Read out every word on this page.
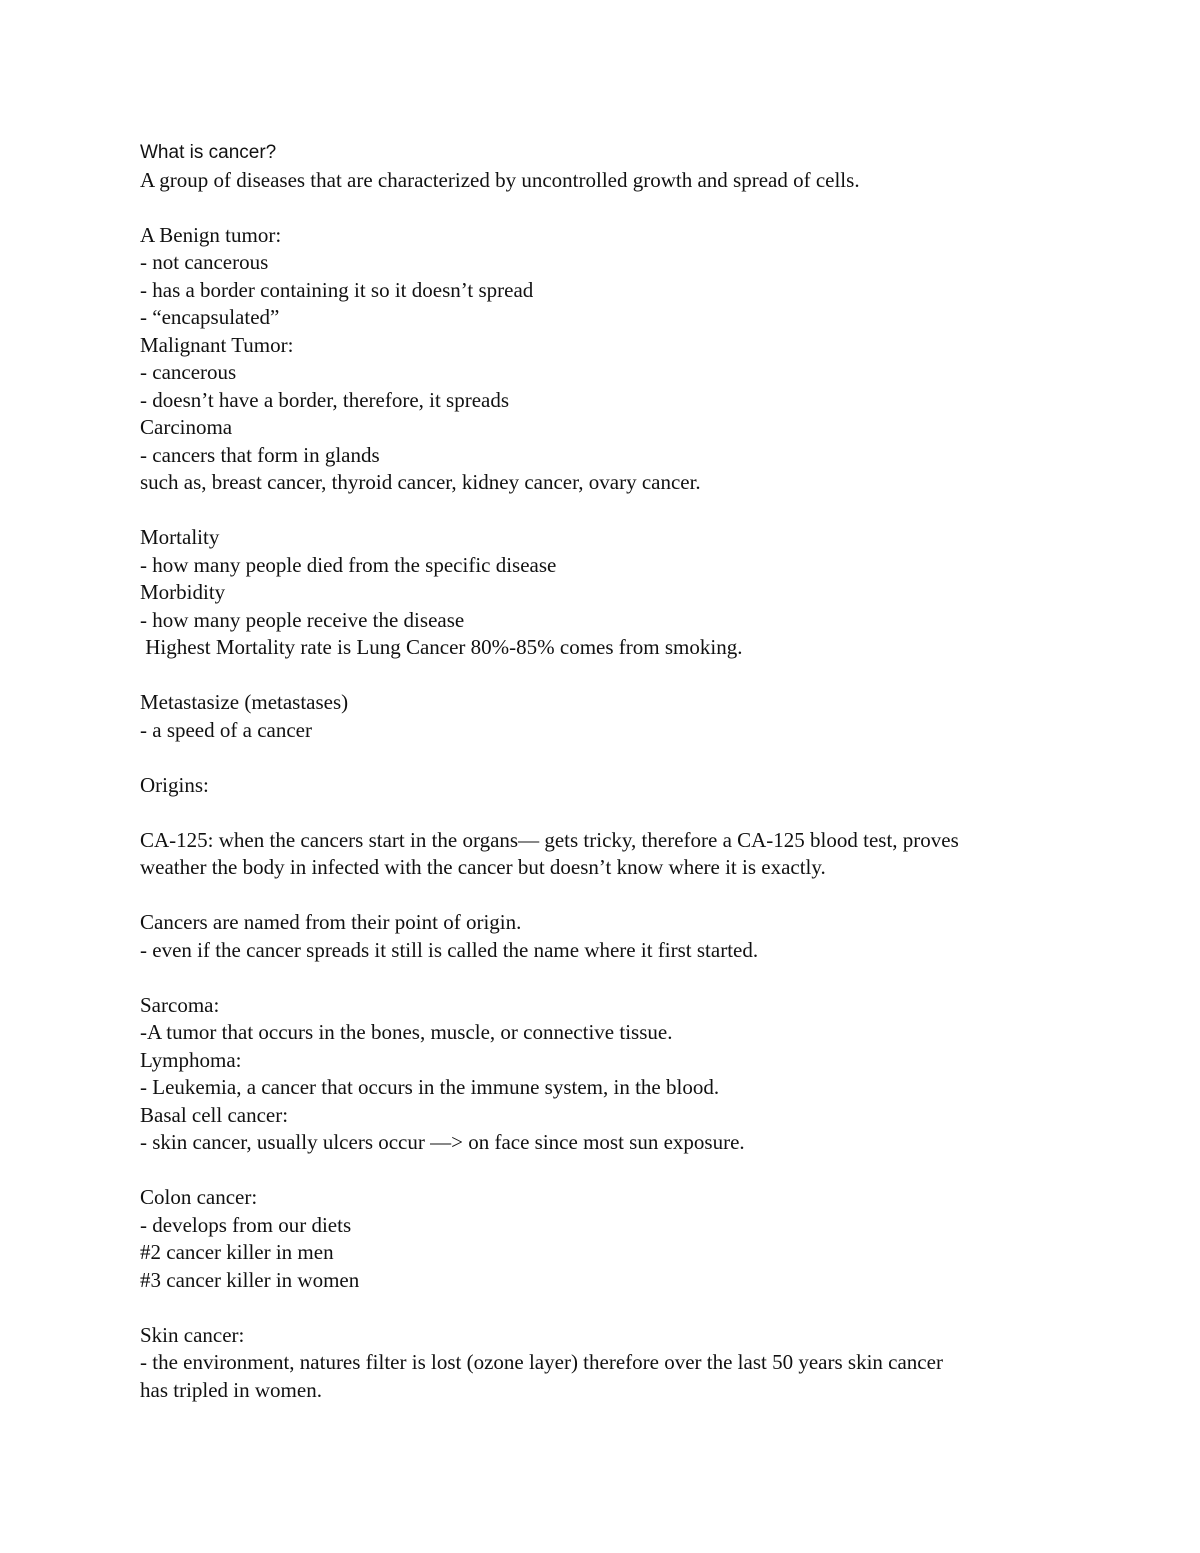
What is cancer?
A group of diseases that are characterized by uncontrolled growth and spread of cells.
A Benign tumor:
- not cancerous
- has a border containing it so it doesn’t spread
- “encapsulated”
Malignant Tumor:
- cancerous
- doesn’t have a border, therefore, it spreads
Carcinoma
- cancers that form in glands
such as, breast cancer, thyroid cancer, kidney cancer, ovary cancer.
Mortality
- how many people died from the specific disease
Morbidity
- how many people receive the disease
Highest Mortality rate is Lung Cancer 80%-85% comes from smoking.
Metastasize (metastases)
- a speed of a cancer
Origins:
CA-125: when the cancers start in the organs— gets tricky, therefore a CA-125 blood test, proves
weather the body in infected with the cancer but doesn’t know where it is exactly.
Cancers are named from their point of origin.
- even if the cancer spreads it still is called the name where it first started.
Sarcoma:
-A tumor that occurs in the bones, muscle, or connective tissue.
Lymphoma:
- Leukemia, a cancer that occurs in the immune system, in the blood.
Basal cell cancer:
- skin cancer, usually ulcers occur —> on face since most sun exposure.
Colon cancer:
- develops from our diets
#2 cancer killer in men
#3 cancer killer in women
Skin cancer:
- the environment, natures filter is lost (ozone layer) therefore over the last 50 years skin cancer
has tripled in women.
